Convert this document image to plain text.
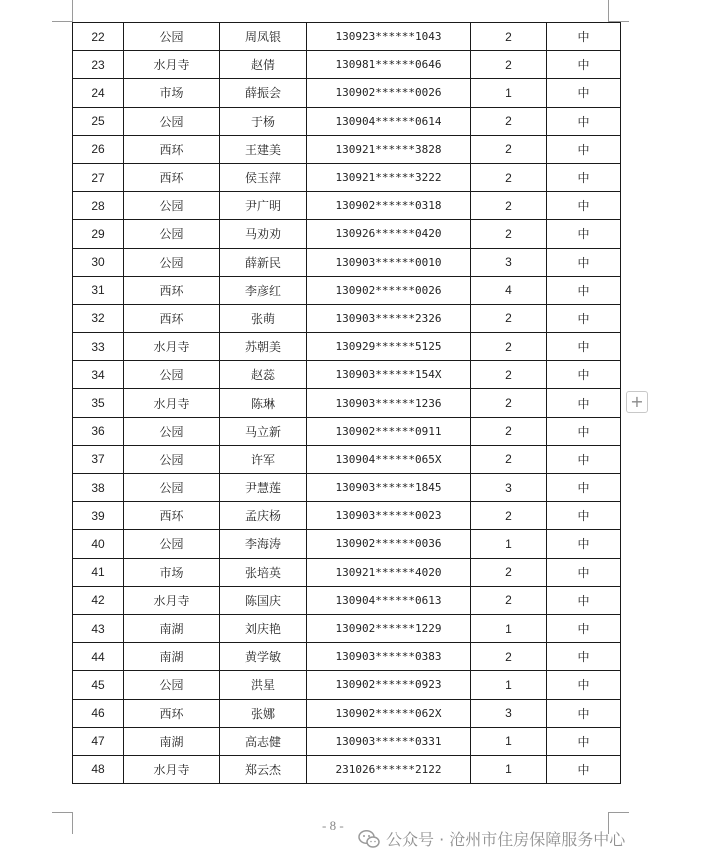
22	公园	周凤银	130923******1043	2	中
23	水月寺	赵倩	130981******0646	2	中
24	市场	薛振会	130902******0026	1	中
25	公园	于杨	130904******0614	2	中
26	西环	王建美	130921******3828	2	中
27	西环	侯玉萍	130921******3222	2	中
28	公园	尹广明	130902******0318	2	中
29	公园	马劝劝	130926******0420	2	中
30	公园	薛新民	130903******0010	3	中
31	西环	李彦红	130902******0026	4	中
32	西环	张萌	130903******2326	2	中
33	水月寺	苏朝美	130929******5125	2	中
34	公园	赵蕊	130903******154X	2	中
35	水月寺	陈琳	130903******1236	2	中
36	公园	马立新	130902******0911	2	中
37	公园	许军	130904******065X	2	中
38	公园	尹慧莲	130903******1845	3	中
39	西环	孟庆杨	130903******0023	2	中
40	公园	李海涛	130902******0036	1	中
41	市场	张培英	130921******4020	2	中
42	水月寺	陈国庆	130904******0613	2	中
43	南湖	刘庆艳	130902******1229	1	中
44	南湖	黄学敏	130903******0383	2	中
45	公园	洪星	130902******0923	1	中
46	西环	张娜	130902******062X	3	中
47	南湖	高志健	130903******0331	1	中
48	水月寺	郑云杰	231026******2122	1	中
+
- 8 -
公众号 · 沧州市住房保障服务中心
